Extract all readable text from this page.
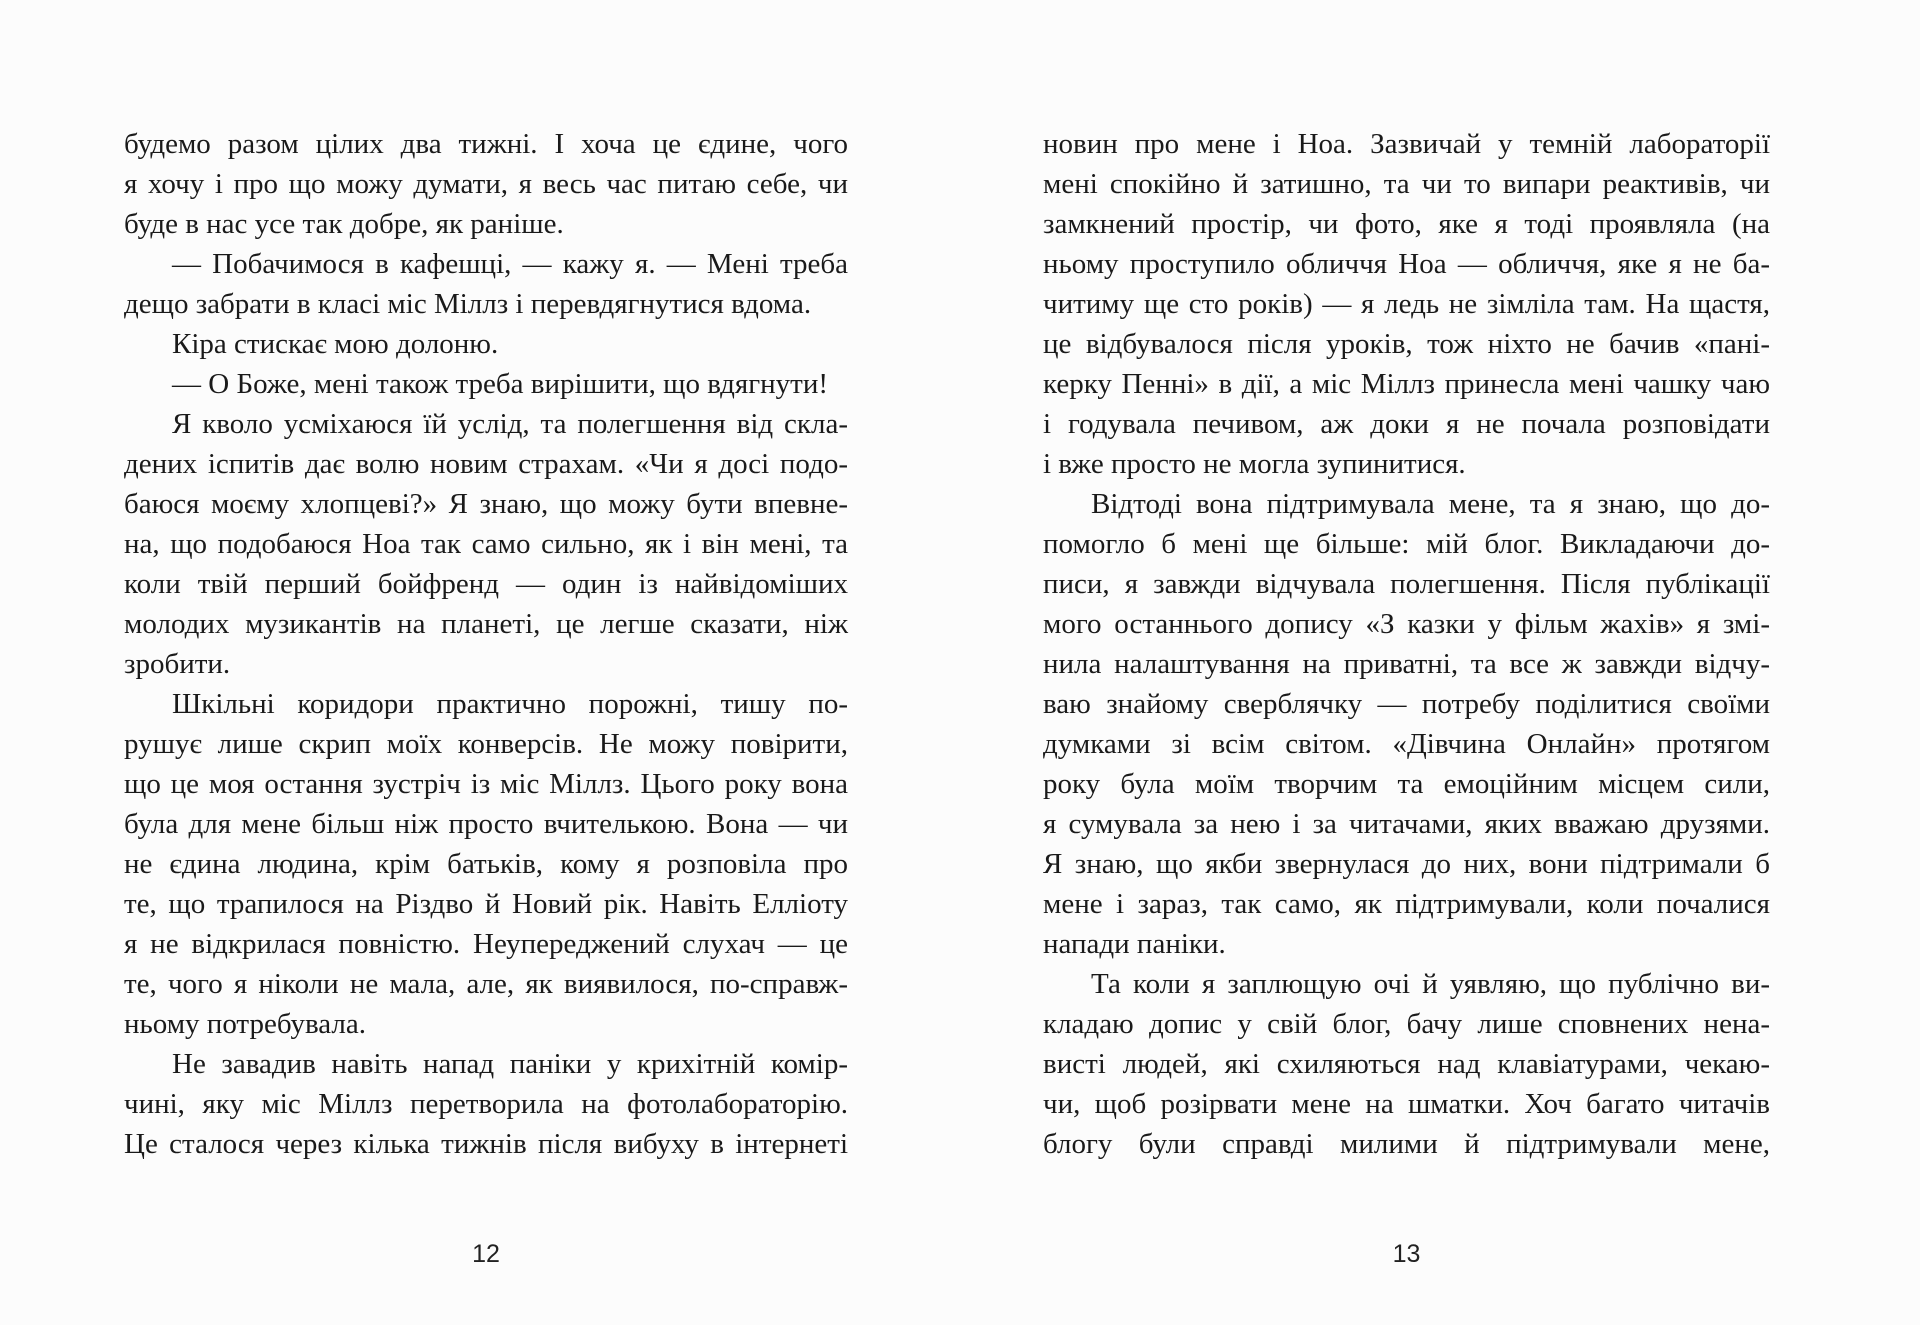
будемо разом цілих два тижні. І хоча це єдине, чого
я хочу і про що можу думати, я весь час питаю себе, чи
буде в нас усе так добре, як раніше.
— Побачимося в кафешці, — кажу я. — Мені треба
дещо забрати в класі міс Міллз і перевдягнутися вдома.
Кіра стискає мою долоню.
— О Боже, мені також треба вирішити, що вдягнути!
Я кволо усміхаюся їй услід, та полегшення від скла-
дених іспитів дає волю новим страхам. «Чи я досі подо-
баюся моєму хлопцеві?» Я знаю, що можу бути впевне-
на, що подобаюся Ноа так само сильно, як і він мені, та
коли твій перший бойфренд — один із найвідоміших
молодих музикантів на планеті, це легше сказати, ніж
зробити.
Шкільні коридори практично порожні, тишу по-
рушує лише скрип моїх конверсів. Не можу повірити,
що це моя остання зустріч із міс Міллз. Цього року вона
була для мене більш ніж просто вчителькою. Вона — чи
не єдина людина, крім батьків, кому я розповіла про
те, що трапилося на Різдво й Новий рік. Навіть Елліоту
я не відкрилася повністю. Неупереджений слухач — це
те, чого я ніколи не мала, але, як виявилося, по-справж-
ньому потребувала.
Не завадив навіть напад паніки у крихітній комір-
чині, яку міс Міллз перетворила на фотолабораторію.
Це сталося через кілька тижнів після вибуху в інтернеті
12
новин про мене і Ноа. Зазвичай у темній лабораторії
мені спокійно й затишно, та чи то випари реактивів, чи
замкнений простір, чи фото, яке я тоді проявляла (на
ньому проступило обличчя Ноа — обличчя, яке я не ба-
читиму ще сто років) — я ледь не зімліла там. На щастя,
це відбувалося після уроків, тож ніхто не бачив «пані-
керку Пенні» в дії, а міс Міллз принесла мені чашку чаю
і годувала печивом, аж доки я не почала розповідати
і вже просто не могла зупинитися.
Відтоді вона підтримувала мене, та я знаю, що до-
помогло б мені ще більше: мій блог. Викладаючи до-
писи, я завжди відчувала полегшення. Після публікації
мого останнього допису «З казки у фільм жахів» я змі-
нила налаштування на приватні, та все ж завжди відчу-
ваю знайому сверблячку — потребу поділитися своїми
думками зі всім світом. «Дівчина Онлайн» протягом
року була моїм творчим та емоційним місцем сили,
я сумувала за нею і за читачами, яких вважаю друзями.
Я знаю, що якби звернулася до них, вони підтримали б
мене і зараз, так само, як підтримували, коли почалися
напади паніки.
Та коли я заплющую очі й уявляю, що публічно ви-
кладаю допис у свій блог, бачу лише сповнених нена-
висті людей, які схиляються над клавіатурами, чекаю-
чи, щоб розірвати мене на шматки. Хоч багато читачів
блогу були справді милими й підтримували мене,
13
